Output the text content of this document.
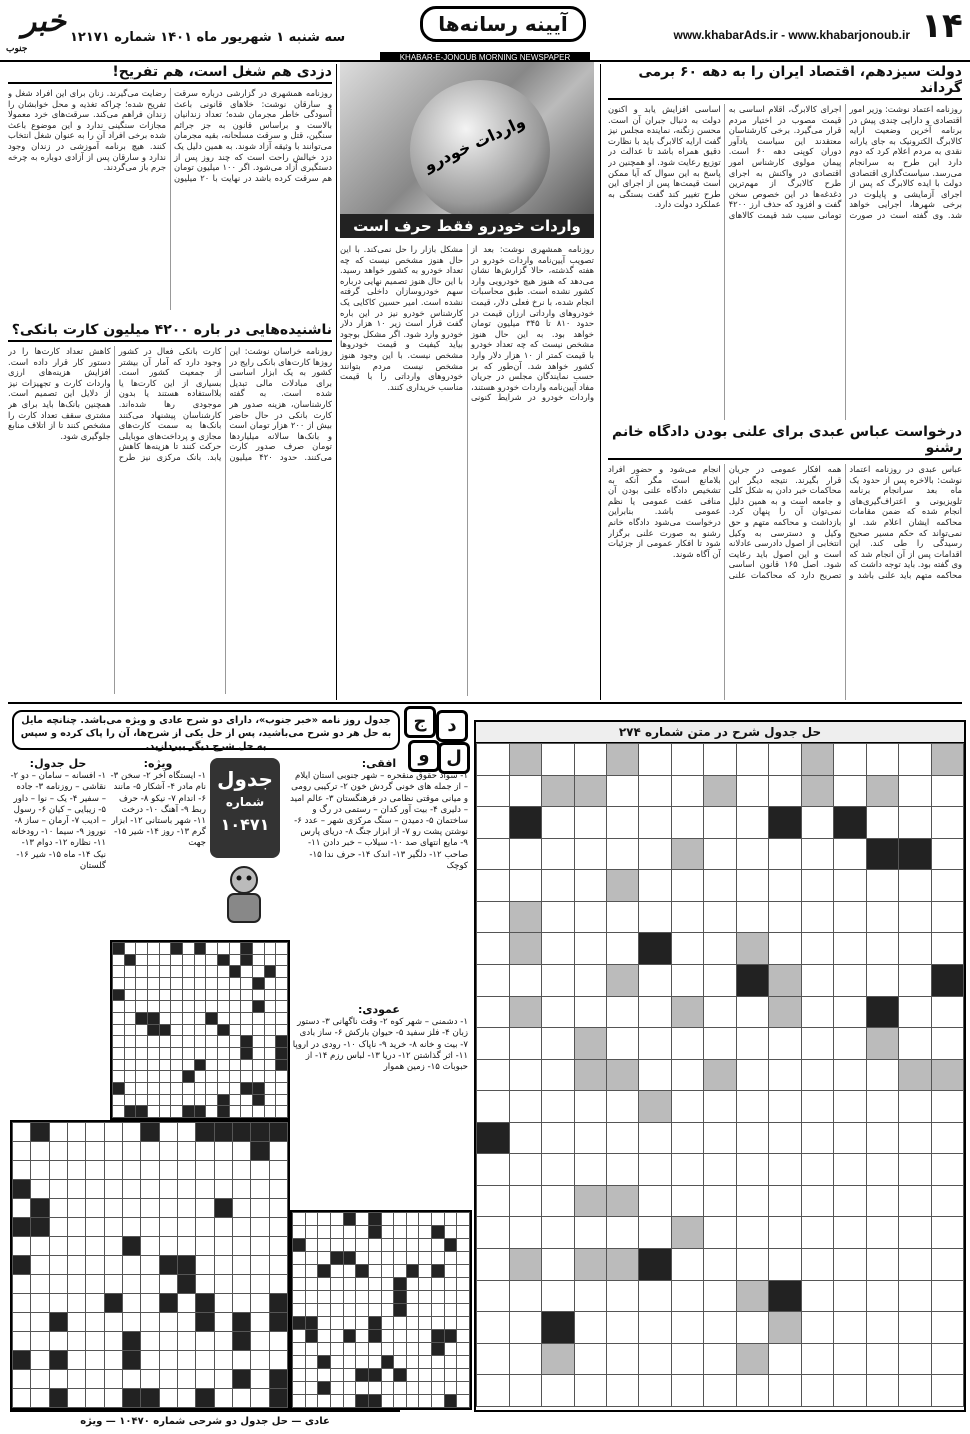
۱۴
www.khabarAds.ir - www.khabarjonoub.ir
آیینه رسانه‌ها
سه شنبه ۱ شهریور ماه ۱۴۰۱ شماره ۱۲۱۷۱
خبر
جنوب
KHABAR-E-JONOUB MORNING NEWSPAPER
دولت سیزدهم، اقتصاد ایران را به دهه ۶۰ برمی گرداند

روزنامه اعتماد نوشت: وزیر امور اقتصادی و دارایی چندی پیش در برنامه آخرین وضعیت ارایه کالابرگ الکترونیک به جای یارانه نقدی به مردم اعلام کرد که دوم دارد این طرح به سرانجام می‌رسد. سیاست‌گذاری اقتصادی دولت با ایده کالابرگ که پس از اجرای آزمایشی و پایلوت در برخی شهرها، اجرایی خواهد شد. وی گفته است در صورت اجرای کالابرگ، اقلام اساسی به قیمت مصوب در اختیار مردم قرار می‌گیرد. برخی کارشناسان معتقدند این سیاست یادآور دوران کوپنی دهه ۶۰ است. پیمان مولوی کارشناس امور اقتصادی در واکنش به اجرای طرح کالابرگ از مهم‌ترین دغدغه‌ها در این خصوص سخن گفت و افزود که حذف ارز ۴۲۰۰ تومانی سبب شد قیمت کالاهای اساسی افزایش یابد و اکنون دولت به دنبال جبران آن است. محسن زنگنه، نماینده مجلس نیز گفت ارایه کالابرگ باید با نظارت دقیق همراه باشد تا عدالت در توزیع رعایت شود. او همچنین در پاسخ به این سوال که آیا ممکن است قیمت‌ها پس از اجرای این طرح تغییر کند گفت بستگی به عملکرد دولت دارد.

واردات خودرو
واردات خودرو فقط حرف است

روزنامه همشهری نوشت: بعد از تصویب آیین‌نامه واردات خودرو در هفته گذشته، حالا گزارش‌ها نشان می‌دهد که هنوز هیچ خودرویی وارد کشور نشده است. طبق محاسبات انجام شده، با نرخ فعلی دلار، قیمت خودروهای وارداتی ارزان قیمت در حدود ۸۱۰ تا ۳۴۵ میلیون تومان خواهد بود. به این حال هنوز مشخص نیست که چه تعداد خودرو با قیمت کمتر از ۱۰ هزار دلار وارد کشور خواهد شد. آن‌طور که بر حسب نمایندگان مجلس در جریان مفاد آیین‌نامه واردات خودرو هستند، واردات خودرو در شرایط کنونی مشکل بازار را حل نمی‌کند. با این حال هنوز مشخص نیست که چه تعداد خودرو به کشور خواهد رسید. با این حال هنوز تصمیم نهایی درباره سهم خودروسازان داخلی گرفته نشده است. امیر حسین کاکایی یک کارشناس خودرو نیز در این باره گفت قرار است زیر ۱۰ هزار دلار خودرو وارد شود. اگر مشکل بوجود بیاید کیفیت و قیمت خودروها مشخص نیست. با این وجود هنوز مشخص نیست مردم بتوانند خودروهای وارداتی را با قیمت مناسب خریداری کنند.

دزدی هم شغل است، هم تفریح!

روزنامه همشهری در گزارشی درباره سرقت و سارقان نوشت: خلاهای قانونی باعث آسودگی خاطر مجرمان شده؛ تعداد زندانیان بالاست و براساس قانون به جز جرائم سنگین، قتل و سرقت مسلحانه، بقیه مجرمان می‌توانند با وثیقه آزاد شوند. به همین دلیل یک دزد خیالش راحت است که چند روز پس از دستگیری آزاد می‌شود. اگر ۱۰۰ میلیون تومان هم سرقت کرده باشد در نهایت با ۲۰ میلیون رضایت می‌گیرند. زنان برای این افراد شغل و تفریح شده؛ چراکه تغذیه و محل خوابشان را زندان فراهم می‌کند. سرقت‌های خرد معمولا مجازات سنگینی ندارد و این موضوع باعث شده برخی افراد آن را به عنوان شغل انتخاب کنند. هیچ برنامه آموزشی در زندان وجود ندارد و سارقان پس از آزادی دوباره به چرخه جرم باز می‌گردند.

ناشنیده‌هایی در باره ۴۲۰۰ میلیون کارت بانکی؟

روزنامه خراسان نوشت: این روزها کارت‌های بانکی رایج در کشور به یک ابزار اساسی برای مبادلات مالی تبدیل شده است. به گفته کارشناسان، هزینه صدور هر کارت بانکی در حال حاضر بیش از ۲۰۰ هزار تومان است و بانک‌ها سالانه میلیاردها تومان صرف صدور کارت می‌کنند. حدود ۴۲۰ میلیون کارت بانکی فعال در کشور وجود دارد که آمار آن بیشتر از جمعیت کشور است. بسیاری از این کارت‌ها یا بلااستفاده هستند یا بدون موجودی رها شده‌اند. کارشناسان پیشنهاد می‌کنند بانک‌ها به سمت کارت‌های مجازی و پرداخت‌های موبایلی حرکت کنند تا هزینه‌ها کاهش یابد. بانک مرکزی نیز طرح کاهش تعداد کارت‌ها را در دستور کار قرار داده است. افزایش هزینه‌های ارزی واردات کارت و تجهیزات نیز از دلایل این تصمیم است. همچنین بانک‌ها باید برای هر مشتری سقف تعداد کارت را مشخص کنند تا از اتلاف منابع جلوگیری شود.	درخواست عباس عبدی برای علنی بودن دادگاه خانم رشنو

عباس عبدی در روزنامه اعتماد نوشت: بالاخره پس از حدود یک ماه بعد سرانجام برنامه تلویزیونی و اعتراف‌گیری‌های انجام شده که ضمن مقامات محاکمه ایشان اعلام شد. او نمی‌تواند که حکم مسیر صحیح رسیدگی را طی کند. این اقدامات پس از آن انجام شد که وی گفته بود. باید توجه داشت که محاکمه متهم باید علنی باشد و همه افکار عمومی در جریان قرار بگیرند. نتیجه دیگر این محاکمات خبر دادن به شکل کلی و جامعه است و به همین دلیل نمی‌توان آن را پنهان کرد. بازداشت و محاکمه متهم و حق وکیل و دسترسی به وکیل انتخابی از اصول دادرسی عادلانه است و این اصول باید رعایت شود. اصل ۱۶۵ قانون اساسی تصریح دارد که محاکمات علنی انجام می‌شود و حضور افراد بلامانع است مگر آنکه به تشخیص دادگاه علنی بودن آن منافی عفت عمومی یا نظم عمومی باشد. بنابراین درخواست می‌شود دادگاه خانم رشنو به صورت علنی برگزار شود تا افکار عمومی از جزئیات آن آگاه شوند.

جدول روز نامه «خبر جنوب»، دارای دو شرح عادی و ویژه می‌باشد. چنانچه مایل به حل هر دو شرح می‌باشید، پس از حل یکی از شرح‌ها، آن را پاک کرده و سپس به حل شرح دیگر بپردازید.
ج	د
و ل
حل جدول شرح در متن شماره ۲۷۴

افقی:
۱- سواد حقوق منقحره – شهر جنوبی استان ایلام – از جمله های خونی گردش خون ۲- ترکیبی رومی و میانی موقتی نظامی در فرهنگستان ۳- عالم امید – دلیری ۴- بیت آور کدان – رستمی در رگ و ساختمان ۵- دمیدن – سنگ مرکزی شهر – عدد ۶- نوشتن پشت رو ۷- از ابزار جنگ ۸- دریای پارس ۹- مایع انتهای صد ۱۰- سیلاب – خبر دادن ۱۱- صاحب ۱۲- دلگیر ۱۳- اندک ۱۴- حرف ندا ۱۵- کوچک
عمودی:
۱- دشمنی – شهر کوه ۲- وقت ناگهانی ۳- دستور زبان ۴- فلز سفید ۵- حیوان بارکش ۶- ساز بادی ۷- بیت و خانه ۸- خرید ۹- ناپاک ۱۰- رودی در اروپا ۱۱- اثر گذاشتن ۱۲- دریا ۱۳- لباس رزم ۱۴- از حبوبات ۱۵- زمین هموار
ویژه:
۱- ایستگاه آخر ۲- سخن ۳- نام مادر ۴- آشکار ۵- مانند ۶- اندام ۷- نیکو ۸- حرف ربط ۹- آهنگ ۱۰- درخت ۱۱- شهر باستانی ۱۲- ابزار گرم ۱۳- روز ۱۴- شیر ۱۵- جهت
حل جدول:
۱- افسانه – سامان – دو ۲- نقاشی – روزنامه ۳- جاده – سفیر ۴- یک – نوا – داور ۵- زیبایی – کیان ۶- رسول – ادیب ۷- آرمان – ساز ۸- نوروز ۹- سیما ۱۰- رودخانه ۱۱- نظاره ۱۲- دوام ۱۳- نیک ۱۴- ماه ۱۵- شیر ۱۶- گلستان
جدول
شماره
۱۰۴۷۱

عادی — حل جدول دو شرحی شماره ۱۰۴۷۰ — ویژه
